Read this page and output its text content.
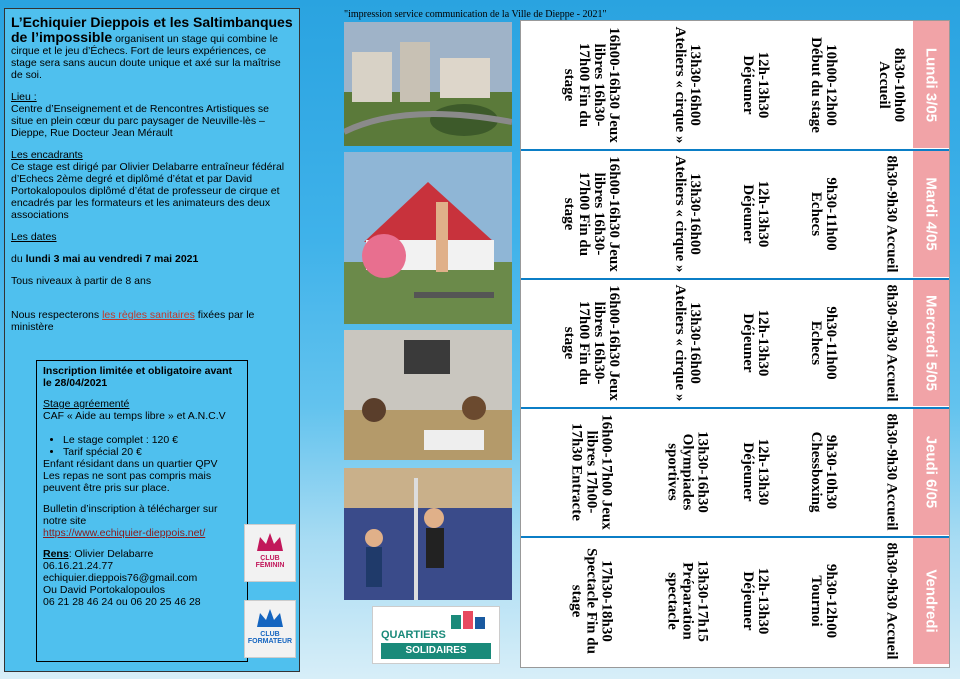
L’Echiquier Dieppois et les Saltimbanques
de l’impossible organisent un stage qui combine le cirque et le jeu d’Échecs. Fort de leurs expériences, ce stage sera sans aucun doute unique et axé sur la maîtrise de soi.

Lieu :
Centre d’Enseignement et de Rencontres Artistiques se situe en plein cœur du parc paysager de Neuville-lès –Dieppe, Rue Docteur Jean Mérault

Les encadrants
Ce stage est dirigé par Olivier Delabarre entraîneur fédéral d’Echecs 2ème degré et diplômé d’état et par David Portokalopoulos diplômé d’état de professeur de cirque et encadrés par les formateurs et les animateurs des deux associations

Les dates

du lundi 3 mai au vendredi 7 mai 2021

Tous niveaux à partir de 8 ans

Nous respecterons les règles sanitaires fixées par le ministère

Inscription limitée et obligatoire avant le 28/04/2021

Stage agréementé
CAF « Aide au temps libre » et A.N.C.V

• Le stage complet : 120 €
• Tarif spécial 20 €

Enfant résidant dans un quartier QPV
Les repas ne sont pas compris mais peuvent être pris sur place.

Bulletin d’inscription à télécharger sur notre site
https://www.echiquier-dieppois.net/

Rens: Olivier Delabarre
06.16.21.24.77
echiquier.dieppois76@gmail.com
Ou David Portokalopoulos
06 21 28 46 24 ou 06 20 25 46 28

CLUB FÉMININ
CLUB FORMATEUR
"impression service communication de la Ville de Dieppe - 2021"
QUARTIERS
SOLIDAIRES
Lundi 3/05
8h30-10h00 Accueil
10h00-12h00 Début du stage
12h-13h30 Déjeuner
13h30-16h00 Ateliers « cirque »
16h00-16h30 Jeux libres 16h30-17h00 Fin du stage
Mardi 4/05
8h30-9h30 Accueil
9h30-11h00 Echecs
12h-13h30 Déjeuner
13h30-16h00 Ateliers « cirque »
16h00-16h30 Jeux libres 16h30-17h00 Fin du stage
Mercredi 5/05
8h30-9h30 Accueil
9h30-11h00 Echecs
12h-13h30 Déjeuner
13h30-16h00 Ateliers « cirque »
16h00-16h30 Jeux libres 16h30-17h00 Fin du stage
Jeudi 6/05
8h30-9h30 Accueil
9h30-10h30 Chessboxing
12h-13h30 Déjeuner
13h30-16h30 Olympiades sportives
16h00-17h00 Jeux libres 17h00-17h30 Entracte
Vendredi
8h30-9h30 Accueil
9h30-12h00 Tournoi
12h-13h30 Déjeuner
13h30-17h15 Préparation spectacle
17h30-18h30 Spectacle Fin du stage
